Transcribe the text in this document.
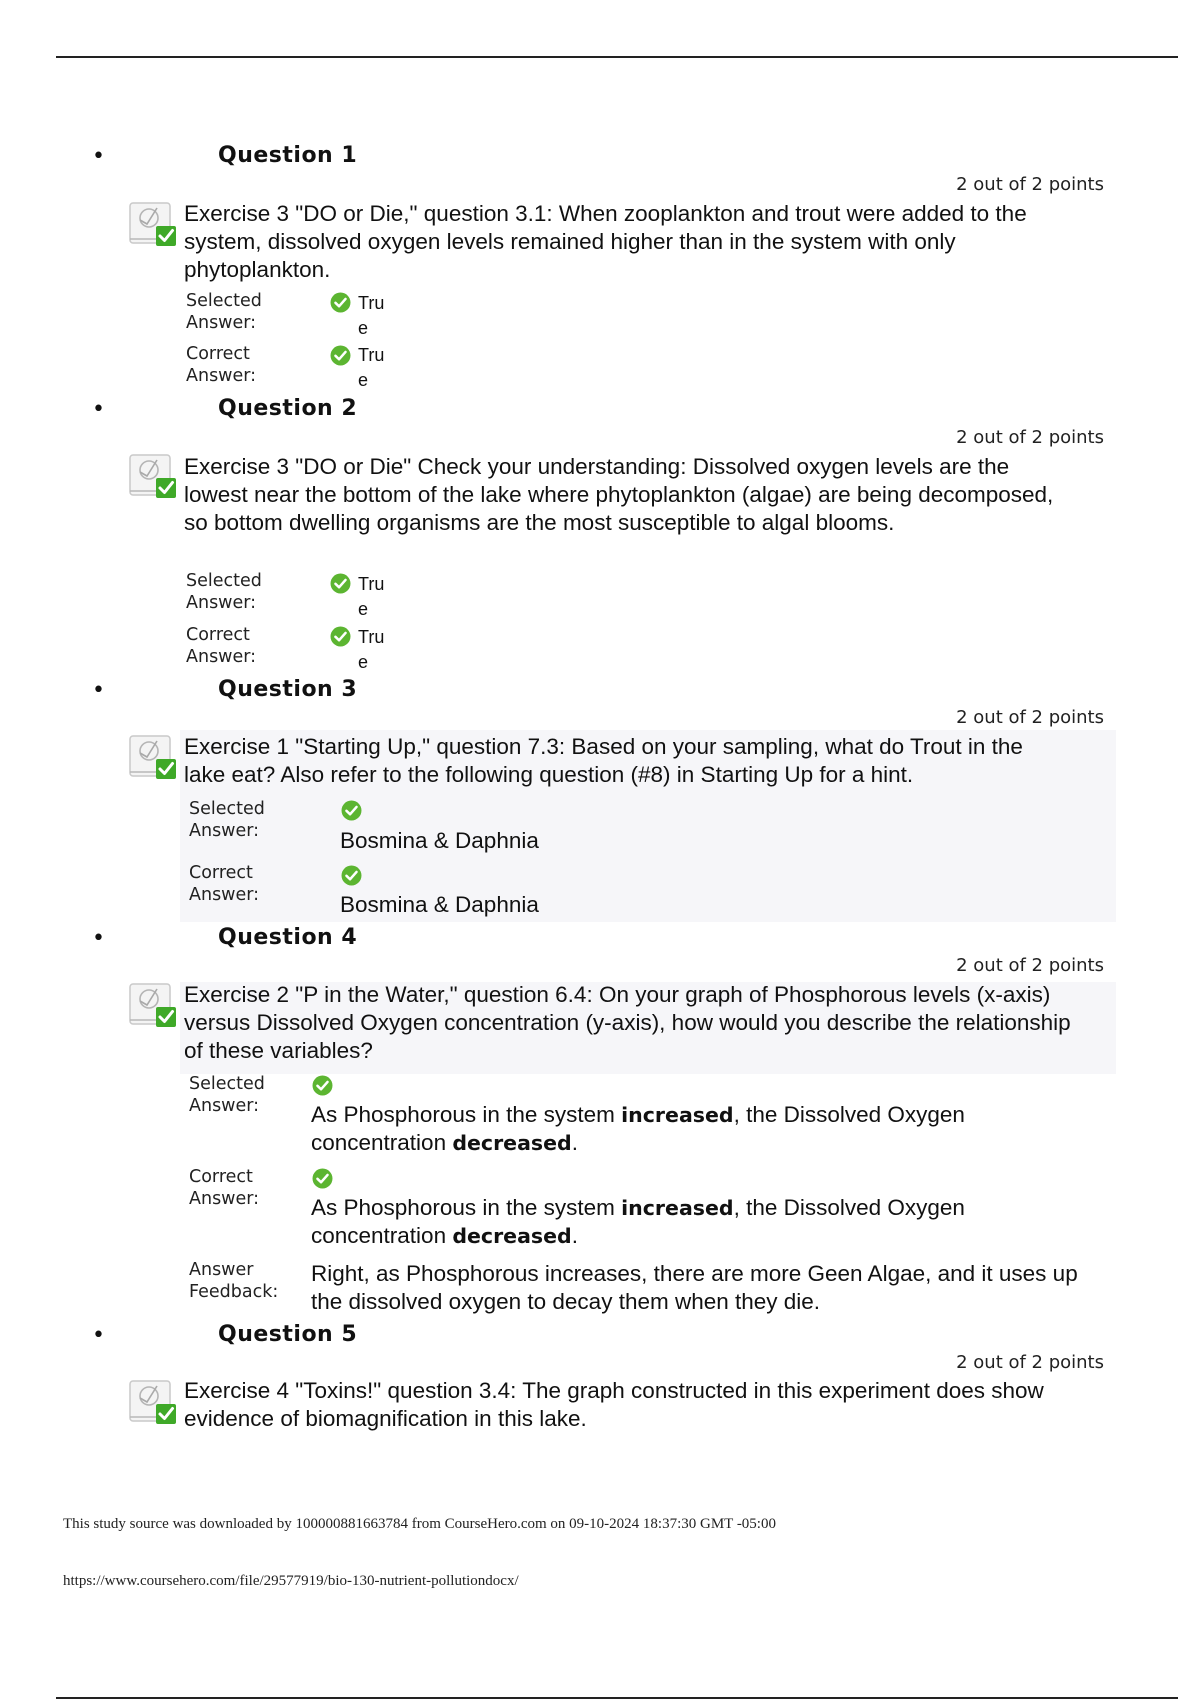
•	Question 1
2 out of 2 points
Exercise 3 "DO or Die," question 3.1: When zooplankton and trout were added to the system, dissolved oxygen levels remained higher than in the system with only phytoplankton.
Selected Answer:
True
Correct Answer:
True
•	Question 2
2 out of 2 points
Exercise 3 "DO or Die" Check your understanding: Dissolved oxygen levels are the lowest near the bottom of the lake where phytoplankton (algae) are being decomposed, so bottom dwelling organisms are the most susceptible to algal blooms.
Selected Answer:
True
Correct Answer:
True
•	Question 3
2 out of 2 points
Exercise 1 "Starting Up," question 7.3: Based on your sampling, what do Trout in the lake eat? Also refer to the following question (#8) in Starting Up for a hint.
Selected Answer:	Bosmina & Daphnia
Correct Answer:	Bosmina & Daphnia
•	Question 4
2 out of 2 points
Exercise 2 "P in the Water," question 6.4: On your graph of Phosphorous levels (x-axis) versus Dissolved Oxygen concentration (y-axis), how would you describe the relationship of these variables?
Selected Answer:	As Phosphorous in the system increased, the Dissolved Oxygen concentration decreased.
Correct Answer:	As Phosphorous in the system increased, the Dissolved Oxygen concentration decreased.
Answer Feedback:
Right, as Phosphorous increases, there are more Geen Algae, and it uses up the dissolved oxygen to decay them when they die.
•	Question 5
2 out of 2 points
Exercise 4 "Toxins!" question 3.4: The graph constructed in this experiment does show evidence of biomagnification in this lake.
This study source was downloaded by 100000881663784 from CourseHero.com on 09-10-2024 18:37:30 GMT -05:00
https://www.coursehero.com/file/29577919/bio-130-nutrient-pollutiondocx/
